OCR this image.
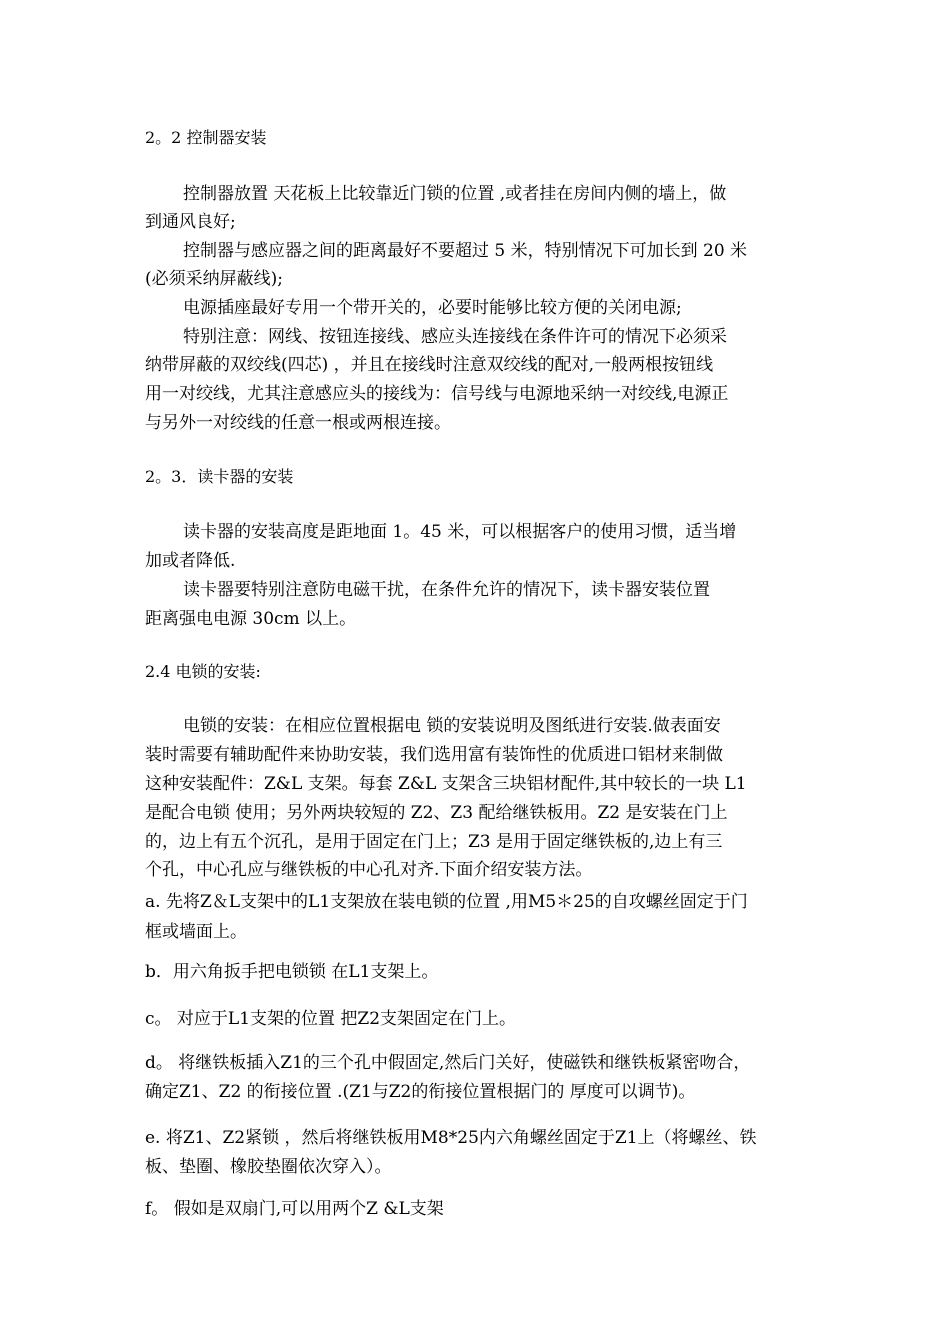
2。2 控制器安装
控制器放置 天花板上比较靠近门锁的位置 ,或者挂在房间内侧的墙上，做
到通风良好;
控制器与感应器之间的距离最好不要超过 5 米，特别情况下可加长到 20 米
(必须采纳屏蔽线);
电源插座最好专用一个带开关的，必要时能够比较方便的关闭电源;
特别注意：网线、按钮连接线、感应头连接线在条件许可的情况下必须采
纳带屏蔽的双绞线(四芯) ，并且在接线时注意双绞线的配对,一般两根按钮线
用一对绞线，尤其注意感应头的接线为：信号线与电源地采纳一对绞线,电源正
与另外一对绞线的任意一根或两根连接。
2。3．读卡器的安装
读卡器的安装高度是距地面 1。45 米，可以根据客户的使用习惯，适当增
加或者降低.
读卡器要特别注意防电磁干扰，在条件允许的情况下，读卡器安装位置
距离强电电源 30cm 以上。
2.4 电锁的安装:
电锁的安装：在相应位置根据电 锁的安装说明及图纸进行安装.做表面安
装时需要有辅助配件来协助安装，我们选用富有装饰性的优质进口铝材来制做
这种安装配件：Z&L 支架。每套 Z&L 支架含三块铝材配件,其中较长的一块 L1
是配合电锁 使用；另外两块较短的 Z2、Z3 配给继铁板用。Z2 是安装在门上
的，边上有五个沉孔，是用于固定在门上；Z3 是用于固定继铁板的,边上有三
个孔，中心孔应与继铁板的中心孔对齐.下面介绍安装方法。
a. 先将Z＆L支架中的L1支架放在装电锁的位置 ,用M5＊25的自攻螺丝固定于门
框或墙面上。
b．用六角扳手把电锁锁 在L1支架上。
c。 对应于L1支架的位置 把Z2支架固定在门上。
d。 将继铁板插入Z1的三个孔中假固定,然后门关好，使磁铁和继铁板紧密吻合，
确定Z1、Z2 的衔接位置 .(Z1与Z2的衔接位置根据门的 厚度可以调节)。
e. 将Z1、Z2紧锁 ，然后将继铁板用M8*25内六角螺丝固定于Z1上（将螺丝、铁
板、垫圈、橡胶垫圈依次穿入）。
f。 假如是双扇门,可以用两个Z &L支架
